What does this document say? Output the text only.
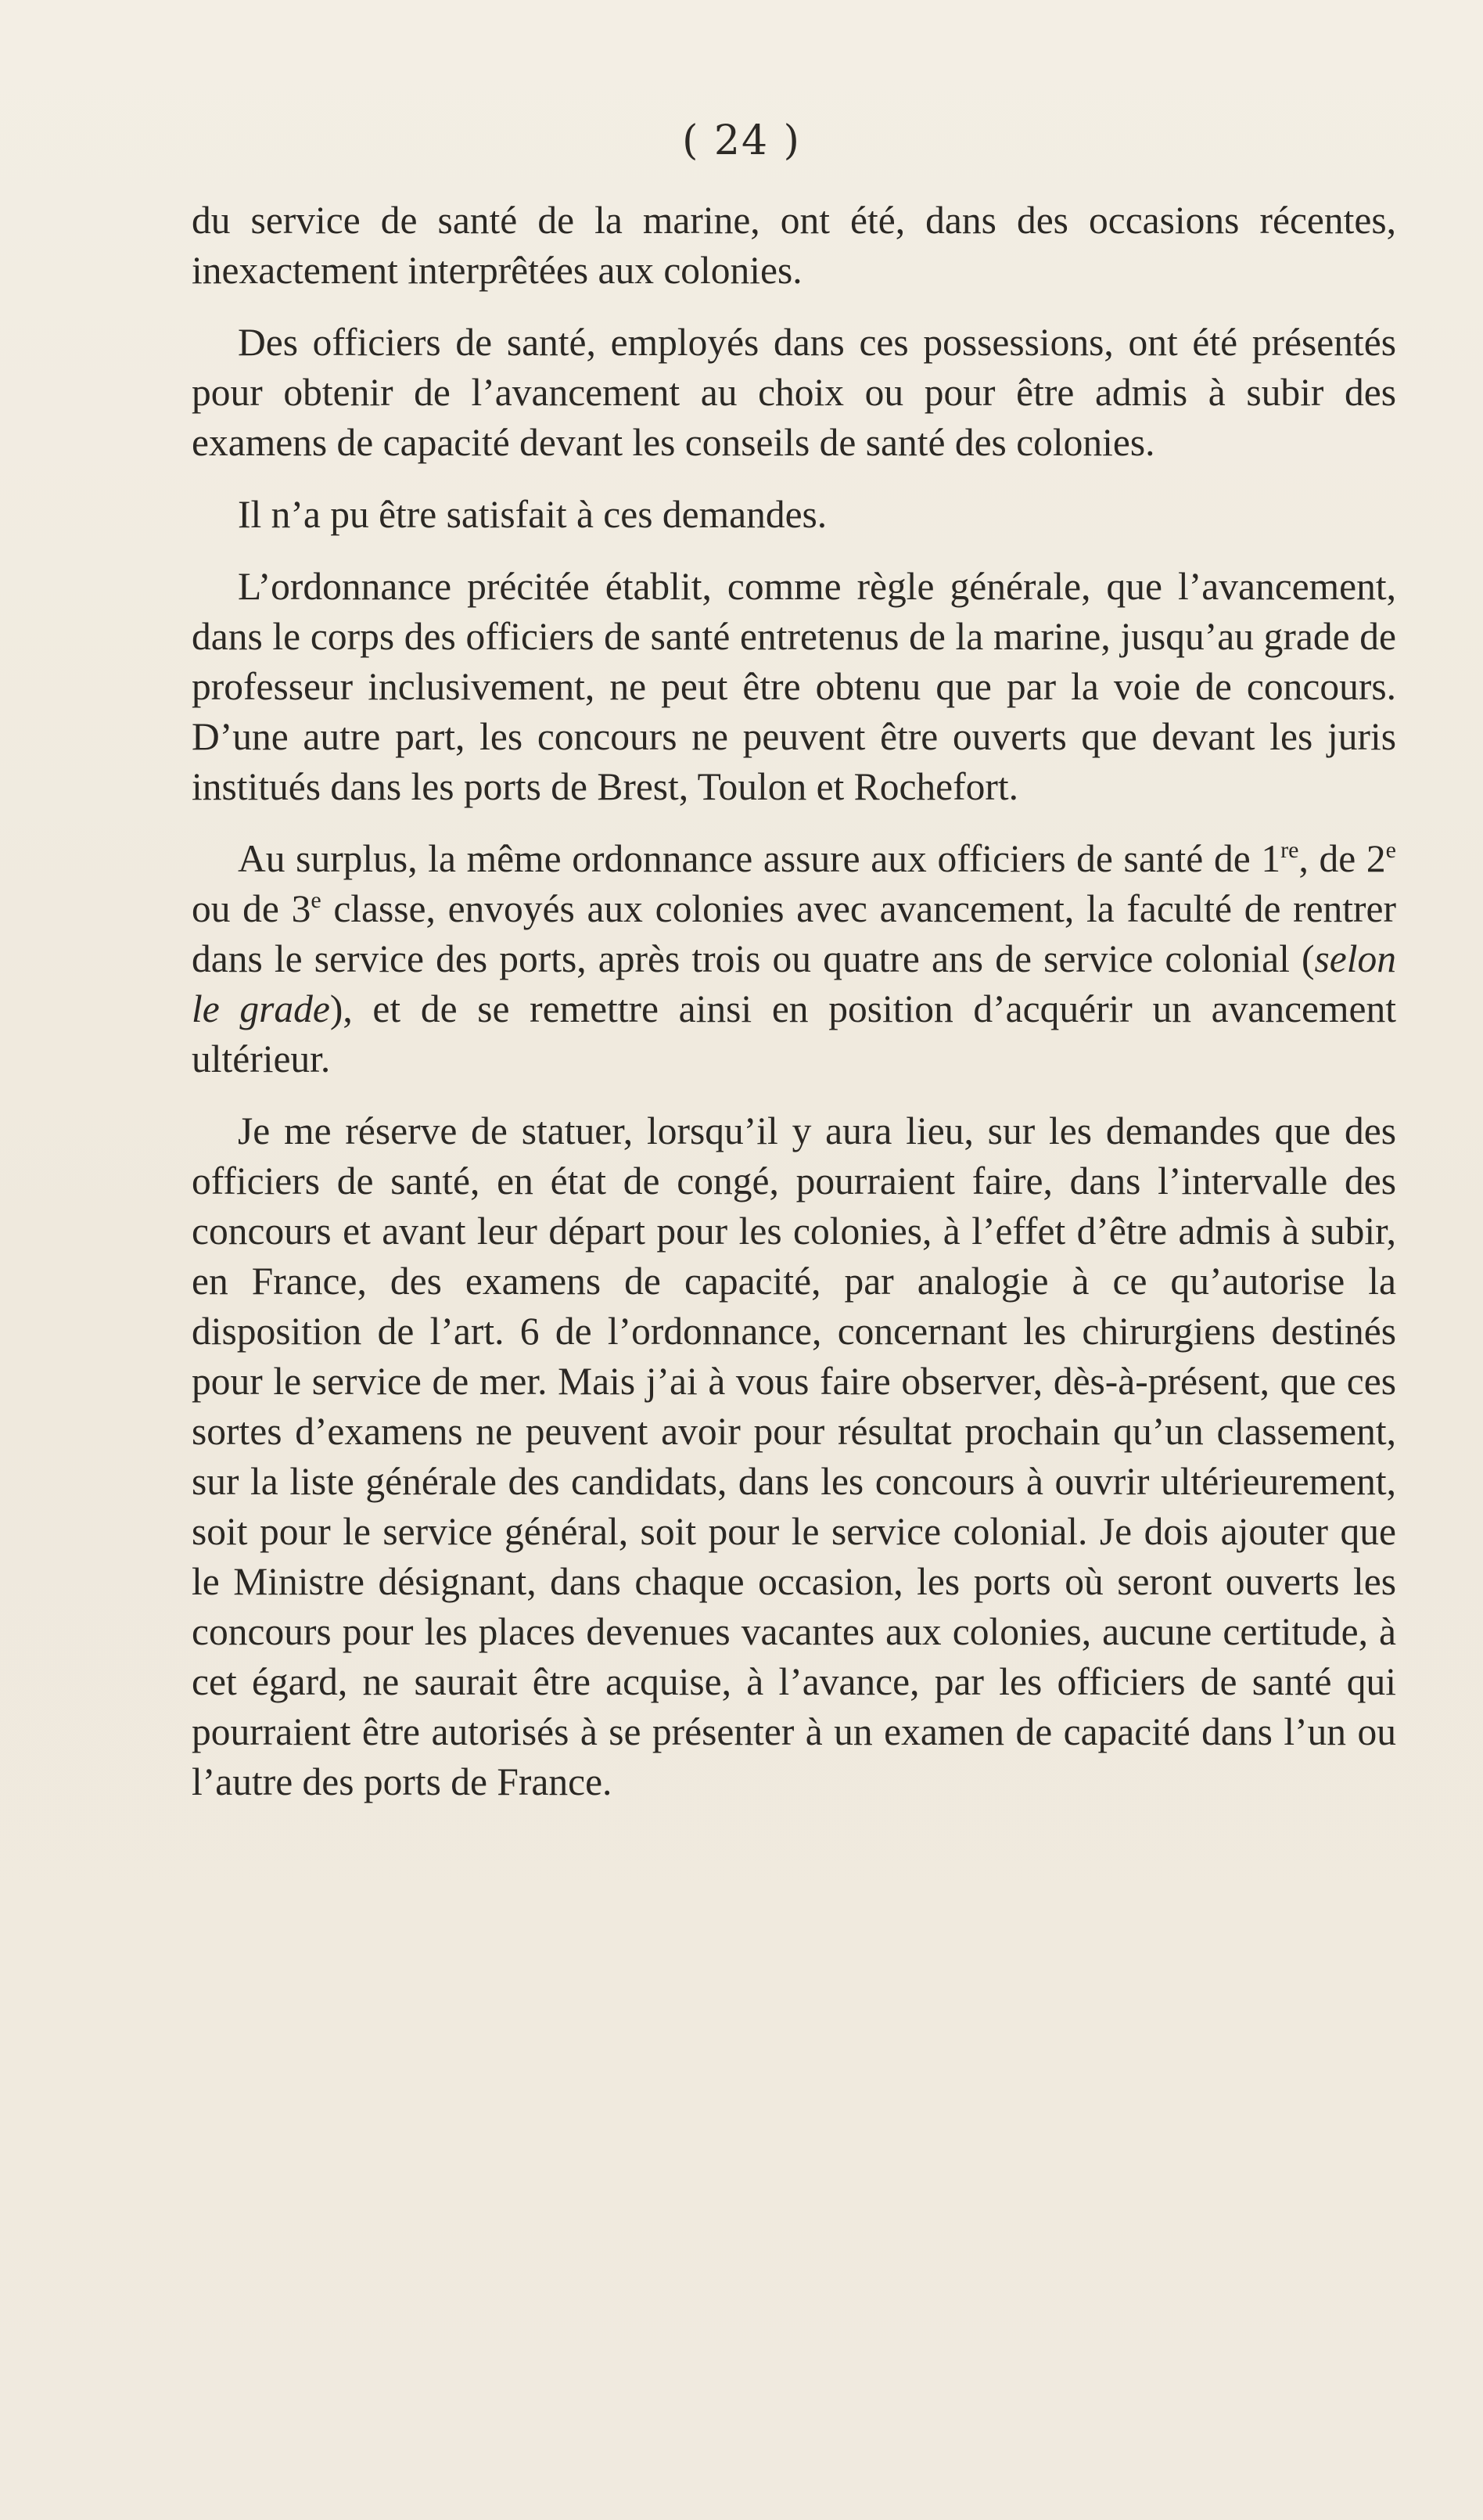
( 24 )

du service de santé de la marine, ont été, dans des occasions récentes, inexactement interprêtées aux colonies.

Des officiers de santé, employés dans ces possessions, ont été présentés pour obtenir de l’avancement au choix ou pour être admis à subir des examens de capacité devant les conseils de santé des colonies.

Il n’a pu être satisfait à ces demandes.

L’ordonnance précitée établit, comme règle générale, que l’avancement, dans le corps des officiers de santé entretenus de la marine, jusqu’au grade de professeur inclusivement, ne peut être obtenu que par la voie de concours. D’une autre part, les concours ne peuvent être ouverts que devant les juris institués dans les ports de Brest, Toulon et Rochefort.

Au surplus, la même ordonnance assure aux officiers de santé de 1re, de 2e ou de 3e classe, envoyés aux colonies avec avancement, la faculté de rentrer dans le service des ports, après trois ou quatre ans de service colonial (selon le grade), et de se remettre ainsi en position d’acquérir un avancement ultérieur.

Je me réserve de statuer, lorsqu’il y aura lieu, sur les demandes que des officiers de santé, en état de congé, pourraient faire, dans l’intervalle des concours et avant leur départ pour les colonies, à l’effet d’être admis à subir, en France, des examens de capacité, par analogie à ce qu’autorise la disposition de l’art. 6 de l’ordonnance, concernant les chirurgiens destinés pour le service de mer. Mais j’ai à vous faire observer, dès-à-présent, que ces sortes d’examens ne peuvent avoir pour résultat prochain qu’un classement, sur la liste générale des candidats, dans les concours à ouvrir ultérieurement, soit pour le service général, soit pour le service colonial. Je dois ajouter que le Ministre désignant, dans chaque occasion, les ports où seront ouverts les concours pour les places devenues vacantes aux colonies, aucune certitude, à cet égard, ne saurait être acquise, à l’avance, par les officiers de santé qui pourraient être autorisés à se présenter à un examen de capacité dans l’un ou l’autre des ports de France.
